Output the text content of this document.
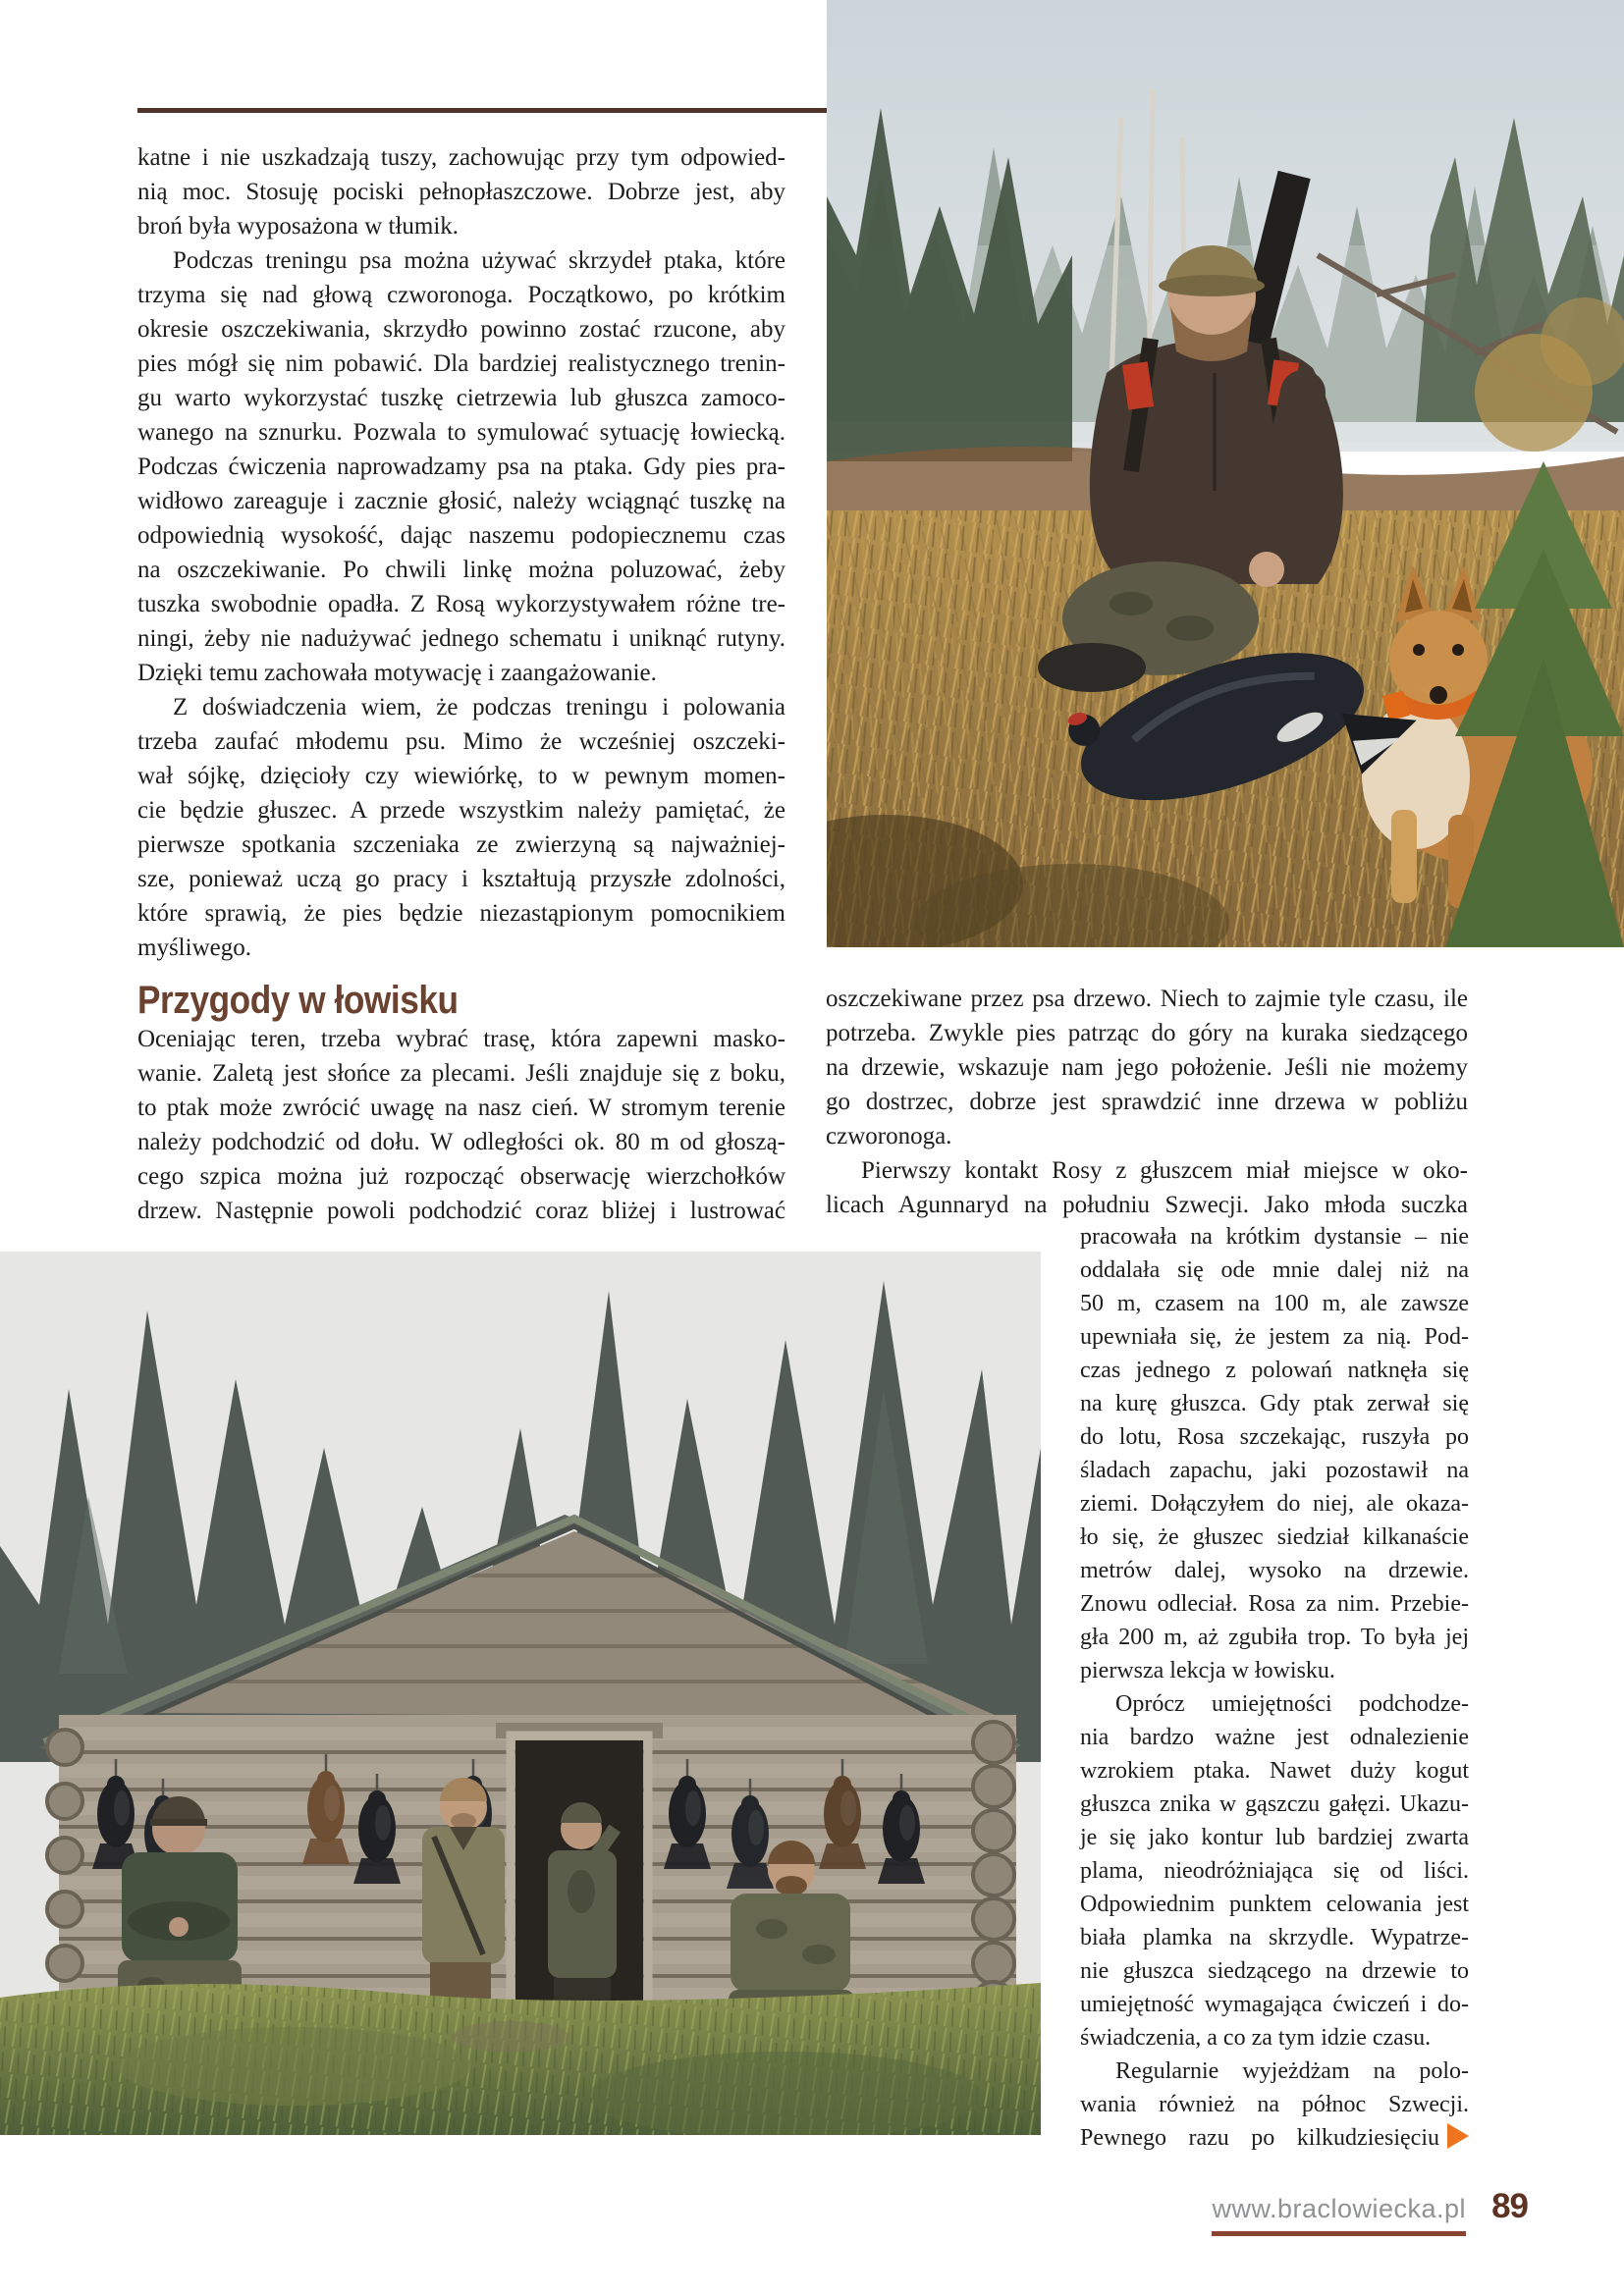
katne i nie uszkadzają tuszy, zachowując przy tym odpowied-
nią moc. Stosuję pociski pełnopłaszczowe. Dobrze jest, aby
broń była wyposażona w tłumik.
Podczas treningu psa można używać skrzydeł ptaka, które
trzyma się nad głową czworonoga. Początkowo, po krótkim
okresie oszczekiwania, skrzydło powinno zostać rzucone, aby
pies mógł się nim pobawić. Dla bardziej realistycznego trenin-
gu warto wykorzystać tuszkę cietrzewia lub głuszca zamoco-
wanego na sznurku. Pozwala to symulować sytuację łowiecką.
Podczas ćwiczenia naprowadzamy psa na ptaka. Gdy pies pra-
widłowo zareaguje i zacznie głosić, należy wciągnąć tuszkę na
odpowiednią wysokość, dając naszemu podopiecznemu czas
na oszczekiwanie. Po chwili linkę można poluzować, żeby
tuszka swobodnie opadła. Z Rosą wykorzystywałem różne tre-
ningi, żeby nie nadużywać jednego schematu i uniknąć rutyny.
Dzięki temu zachowała motywację i zaangażowanie.
Z doświadczenia wiem, że podczas treningu i polowania
trzeba zaufać młodemu psu. Mimo że wcześniej oszczeki-
wał sójkę, dzięcioły czy wiewiórkę, to w pewnym momen-
cie będzie głuszec. A przede wszystkim należy pamiętać, że
pierwsze spotkania szczeniaka ze zwierzyną są najważniej-
sze, ponieważ uczą go pracy i kształtują przyszłe zdolności,
które sprawią, że pies będzie niezastąpionym pomocnikiem
myśliwego.
Przygody w łowisku
Oceniając teren, trzeba wybrać trasę, która zapewni masko-
wanie. Zaletą jest słońce za plecami. Jeśli znajduje się z boku,
to ptak może zwrócić uwagę na nasz cień. W stromym terenie
należy podchodzić od dołu. W odległości ok. 80 m od głoszą-
cego szpica można już rozpocząć obserwację wierzchołków
drzew. Następnie powoli podchodzić coraz bliżej i lustrować
oszczekiwane przez psa drzewo. Niech to zajmie tyle czasu, ile
potrzeba. Zwykle pies patrząc do góry na kuraka siedzącego
na drzewie, wskazuje nam jego położenie. Jeśli nie możemy
go dostrzec, dobrze jest sprawdzić inne drzewa w pobliżu
czworonoga.
Pierwszy kontakt Rosy z głuszcem miał miejsce w oko-
licach Agunnaryd na południu Szwecji. Jako młoda suczka
pracowała na krótkim dystansie – nie
oddalała się ode mnie dalej niż na
50 m, czasem na 100 m, ale zawsze
upewniała się, że jestem za nią. Pod-
czas jednego z polowań natknęła się
na kurę głuszca. Gdy ptak zerwał się
do lotu, Rosa szczekając, ruszyła po
śladach zapachu, jaki pozostawił na
ziemi. Dołączyłem do niej, ale okaza-
ło się, że głuszec siedział kilkanaście
metrów dalej, wysoko na drzewie.
Znowu odleciał. Rosa za nim. Przebie-
gła 200 m, aż zgubiła trop. To była jej
pierwsza lekcja w łowisku.
Oprócz umiejętności podchodze-
nia bardzo ważne jest odnalezienie
wzrokiem ptaka. Nawet duży kogut
głuszca znika w gąszczu gałęzi. Ukazu-
je się jako kontur lub bardziej zwarta
plama, nieodróżniająca się od liści.
Odpowiednim punktem celowania jest
biała plamka na skrzydle. Wypatrze-
nie głuszca siedzącego na drzewie to
umiejętność wymagająca ćwiczeń i do-
świadczenia, a co za tym idzie czasu.
Regularnie wyjeżdżam na polo-
wania również na północ Szwecji.
Pewnego razu po kilkudziesięciu
www.braclowiecka.pl 89
